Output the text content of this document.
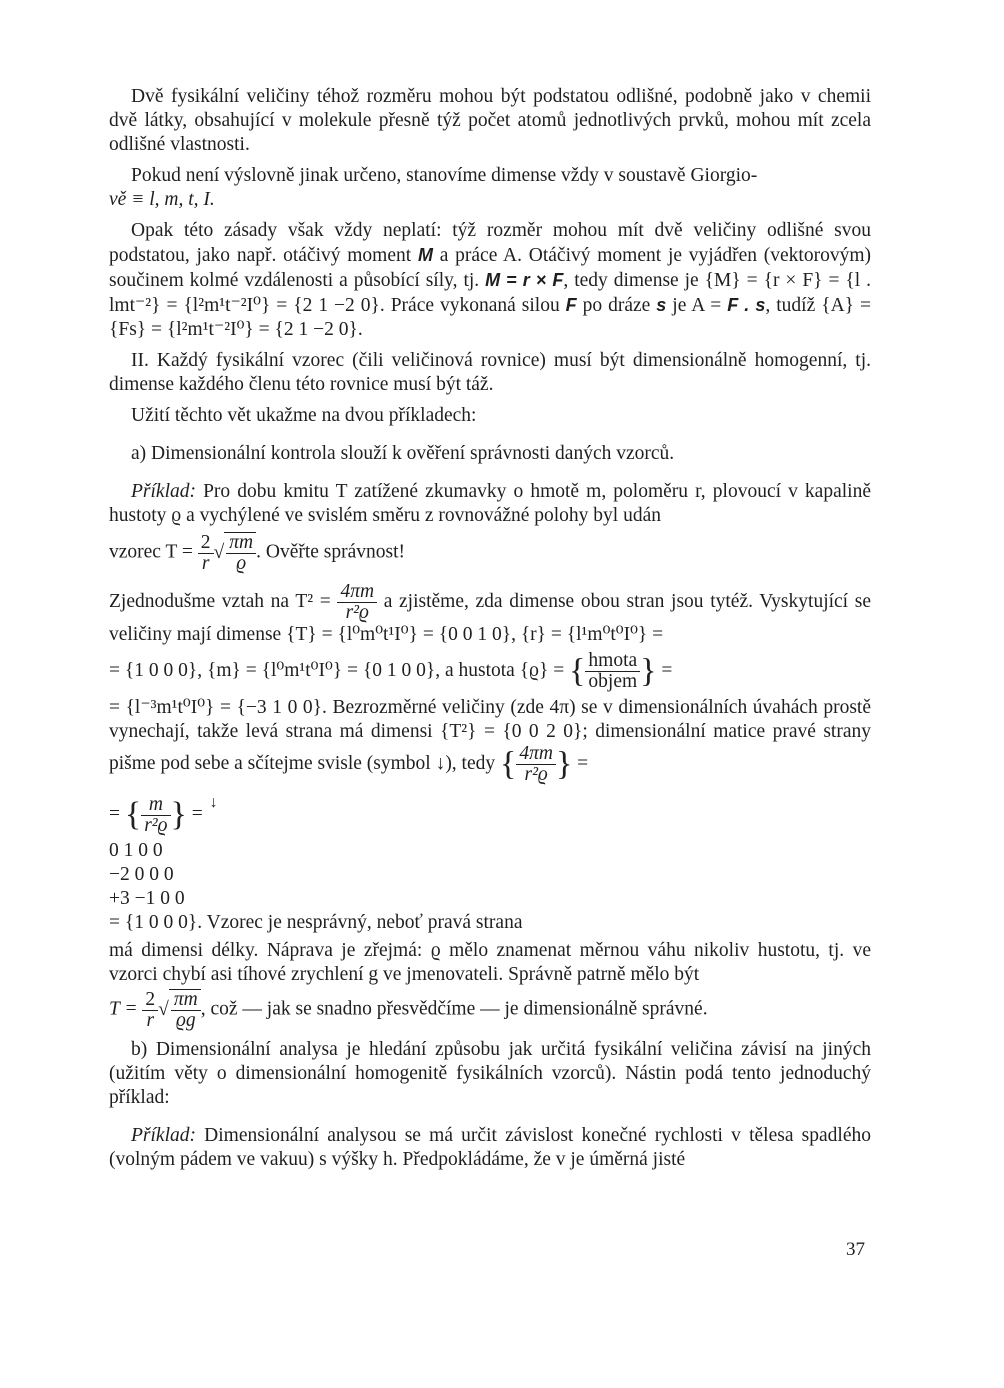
Dvě fysikální veličiny téhož rozměru mohou být podstatou odlišné, podobně jako v chemii dvě látky, obsahující v molekule přesně týž počet atomů jednotlivých prvků, mohou mít zcela odlišné vlastnosti.

Pokud není výslovně jinak určeno, stanovíme dimense vždy v soustavě Giorgio-
vě ≡ l, m, t, I.

Opak této zásady však vždy neplatí: týž rozměr mohou mít dvě veličiny odlišné svou podstatou, jako např. otáčivý moment M a práce A. Otáčivý moment je vyjádřen (vektorovým) součinem kolmé vzdálenosti a působící síly, tj. M = r × F, tedy dimense je {M} = {r × F} = {l . lmt⁻²} = {l²m¹t⁻²I⁰} = {2 1 −2 0}. Práce vykonaná silou F po dráze s je A = F . s, tudíž {A} = {Fs} = {l²m¹t⁻²I⁰} = {2 1 −2 0}.

II. Každý fysikální vzorec (čili veličinová rovnice) musí být dimensionálně homogenní, tj. dimense každého členu této rovnice musí být táž.

Užití těchto vět ukažme na dvou příkladech:

a) Dimensionální kontrola slouží k ověření správnosti daných vzorců.

Příklad: Pro dobu kmitu T zatížené zkumavky o hmotě m, poloměru r, plovoucí v kapalině hustoty ϱ a vychýlené ve svislém směru z rovnovážné polohy byl udán

vzorec $T = \frac{2}{r}$ √ $\frac{\pi m}{ϱ}$ . Ověřte správnost!

Zjednodušme vztah na $T^2 = \frac{4\pi m}{\text{r²ϱ}}$ a zjistěme, zda dimense obou stran jsou tytéž. Vyskytující se veličiny mají dimense {T} = {l⁰m⁰t¹I⁰} = {0 0 1 0}, {r} = {l¹m⁰t⁰I⁰} =

= {1 0 0 0}, {m} = {l⁰m¹t⁰I⁰} = {0 1 0 0}, a hustota {ϱ} = { $\frac{\text{hmota}}{\text{objem}}$ } =

= {l⁻³m¹t⁰I⁰} = {−3 1 0 0}. Bezrozměrné veličiny (zde 4π) se v dimensionálních úvahách prostě vynechají, takže levá strana má dimensi {T²} = {0 0 2 0}; dimensionální matice pravé strany pišme pod sebe a sčítejme svisle (symbol ↓), tedy { $\frac{4\pi m}{\text{r²ϱ}}$ } =

= { $\frac{m}{\text{r²ϱ}}$ } =
↓

0 1 0 0
−2 0 0 0
+3 −1 0 0
= {1 0 0 0}. Vzorec je nesprávný, neboť pravá strana

má dimensi délky. Náprava je zřejmá: ϱ mělo znamenat měrnou váhu nikoliv hustotu, tj. ve vzorci chybí asi tíhové zrychlení g ve jmenovateli. Správně patrně mělo být

$T = \frac{2}{r}$ √ $\frac{\pi m}{ϱg}$ , což — jak se snadno přesvědčíme — je dimensionálně správné.

b) Dimensionální analysa je hledání způsobu jak určitá fysikální veličina závisí na jiných (užitím věty o dimensionální homogenitě fysikálních vzorců). Nástin podá tento jednoduchý příklad:

Příklad: Dimensionální analysou se má určit závislost konečné rychlosti v tělesa spadlého (volným pádem ve vakuu) s výšky h. Předpokládáme, že v je úměrná jisté

37
